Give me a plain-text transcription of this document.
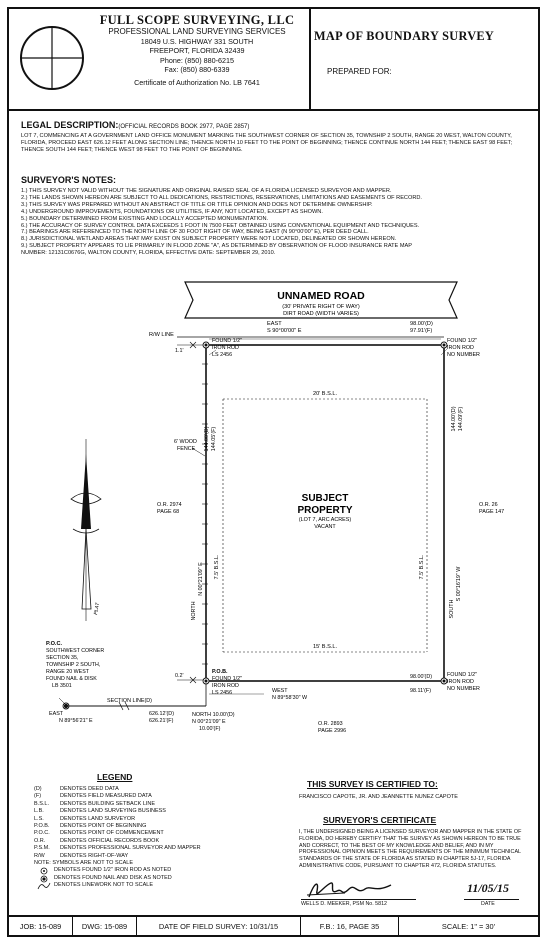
FULL SCOPE SURVEYING, LLC
PROFESSIONAL LAND SURVEYING SERVICES
18049 U.S. HIGHWAY 331 SOUTH
FREEPORT, FLORIDA 32439
Phone: (850) 880-6215
Fax: (850) 880-6339
Certificate of Authorization No. LB 7641
MAP OF BOUNDARY SURVEY
PREPARED FOR:
LEGAL DESCRIPTION:(OFFICIAL RECORDS BOOK 2977, PAGE 2857)
LOT 7, COMMENCING AT A GOVERNMENT LAND OFFICE MONUMENT MARKING THE SOUTHWEST CORNER OF SECTION 35, TOWNSHIP 2 SOUTH, RANGE 20 WEST, WALTON COUNTY, FLORIDA, PROCEED EAST 626.12 FEET ALONG SECTION LINE; THENCE NORTH 10 FEET TO THE POINT OF BEGINNING; THENCE CONTINUE NORTH 144 FEET; THENCE EAST 98 FEET; THENCE SOUTH 144 FEET; THENCE WEST 98 FEET TO THE POINT OF BEGINNING.
SURVEYOR'S NOTES:
1.) THIS SURVEY NOT VALID WITHOUT THE SIGNATURE AND ORIGINAL RAISED SEAL OF A FLORIDA LICENSED SURVEYOR AND MAPPER.
2.) THE LANDS SHOWN HEREON ARE SUBJECT TO ALL DEDICATIONS, RESTRICTIONS, RESERVATIONS, LIMITATIONS AND EASEMENTS OF RECORD.
3.) THIS SURVEY WAS PREPARED WITHOUT AN ABSTRACT OF TITLE OR TITLE OPINION AND DOES NOT DETERMINE OWNERSHIP.
4.) UNDERGROUND IMPROVEMENTS, FOUNDATIONS OR UTILITIES, IF ANY, NOT LOCATED, EXCEPT AS SHOWN.
5.) BOUNDARY DETERMINED FROM EXISTING AND LOCALLY ACCEPTED MONUMENTATION.
6.) THE ACCURACY OF SURVEY CONTROL DATA EXCEEDS 1 FOOT IN 7500 FEET OBTAINED USING CONVENTIONAL EQUIPMENT AND TECHNIQUES.
7.) BEARINGS ARE REFERENCED TO THE NORTH LINE OF 30 FOOT RIGHT OF WAY, BEING EAST (N 90°00'00" E), PER DEED CALL.
8.) JURISDICTIONAL WETLAND AREAS THAT MAY EXIST ON SUBJECT PROPERTY WERE NOT LOCATED, DELINEATED OR SHOWN HEREON.
9.) SUBJECT PROPERTY APPEARS TO LIE PRIMARILY IN FLOOD ZONE "A", AS DETERMINED BY OBSERVATION OF FLOOD INSURANCE RATE MAP
NUMBER: 12131C0676G, WALTON COUNTY, FLORIDA, EFFECTIVE DATE: SEPTEMBER 29, 2010.
PLAT
UNNAMED ROAD
(30' PRIVATE RIGHT OF WAY)
DIRT ROAD (WIDTH VARIES)
R/W LINE
EAST
S 90°00'00" E
98.00'(D)
97.91'(F)
FOUND 1/2"
IRON ROD
LS 2456
FOUND 1/2"
IRON ROD
NO NUMBER
1.1'
20' B.S.L.
144.00'(D) 144.05'(F)
144.00'(D) 144.09'(F)
6' WOOD
FENCE
O.R. 2974
PAGE 68
O.R. 26
PAGE 147
SUBJECT
PROPERTY
(LOT 7, ARC ACRES)
VACANT
7.5' B.S.L.	7.5' B.S.L.
NORTH
N 00°21'09" E
SOUTH
S 00°16'19" W
15' B.S.L.
P.O.B.
FOUND 1/2"
IRON ROD
LS 2456
FOUND 1/2"
IRON ROD
NO NUMBER
0.2'	98.00'(D)
WEST
N 89°58'30" W
98.11'(F)
P.O.C.
SOUTHWEST CORNER
SECTION 35,
TOWNSHIP 2 SOUTH,
RANGE 20 WEST
FOUND NAIL & DISK
LB 3501
SECTION LINE(D)
EAST
N 89°56'21" E
626.12'(D)
626.21'(F)
NORTH 10.00'(D)
N 00°21'09" E
10.00'(F)
O.R. 2893
PAGE 2996
LEGEND
(D)	DENOTES DEED DATA
(F)	DENOTES FIELD MEASURED DATA
B.S.L.	DENOTES BUILDING SETBACK LINE
L.B.	DENOTES LAND SURVEYING BUSINESS
L.S.	DENOTES LAND SURVEYOR
P.O.B.	DENOTES POINT OF BEGINNING
P.O.C.	DENOTES POINT OF COMMENCEMENT
O.R.	DENOTES OFFICIAL RECORDS BOOK
P.S.M.	DENOTES PROFESSIONAL SURVEYOR AND MAPPER
R/W	DENOTES RIGHT-OF-WAY
NOTE: SYMBOLS ARE NOT TO SCALE
DENOTES FOUND 1/2" IRON ROD AS NOTED
DENOTES FOUND NAIL AND DISK AS NOTED
DENOTES LINEWORK NOT TO SCALE
THIS SURVEY IS CERTIFIED TO:
FRANCISCO CAPOTE, JR. AND JEANNETTE NUNEZ CAPOTE
SURVEYOR'S CERTIFICATE
I, THE UNDERSIGNED BEING A LICENSED SURVEYOR AND MAPPER IN THE STATE OF FLORIDA, DO HEREBY CERTIFY THAT THE SURVEY AS SHOWN HEREON TO BE TRUE AND CORRECT, TO THE BEST OF MY KNOWLEDGE AND BELIEF, AND IN MY PROFESSIONAL OPINION MEETS THE REQUIREMENTS OF THE MINIMUM TECHNICAL STANDARDS OF THE STATE OF FLORIDA AS STATED IN CHAPTER 5J-17, FLORIDA ADMINISTRATIVE CODE, PURSUANT TO CHAPTER 472, FLORIDA STATUTES.
11/05/15
WELLS D. MEEKER, PSM No. 5812	DATE
JOB: 15-089	DWG: 15-089	DATE OF FIELD SURVEY: 10/31/15	F.B.: 16, PAGE 35	SCALE: 1" = 30'
